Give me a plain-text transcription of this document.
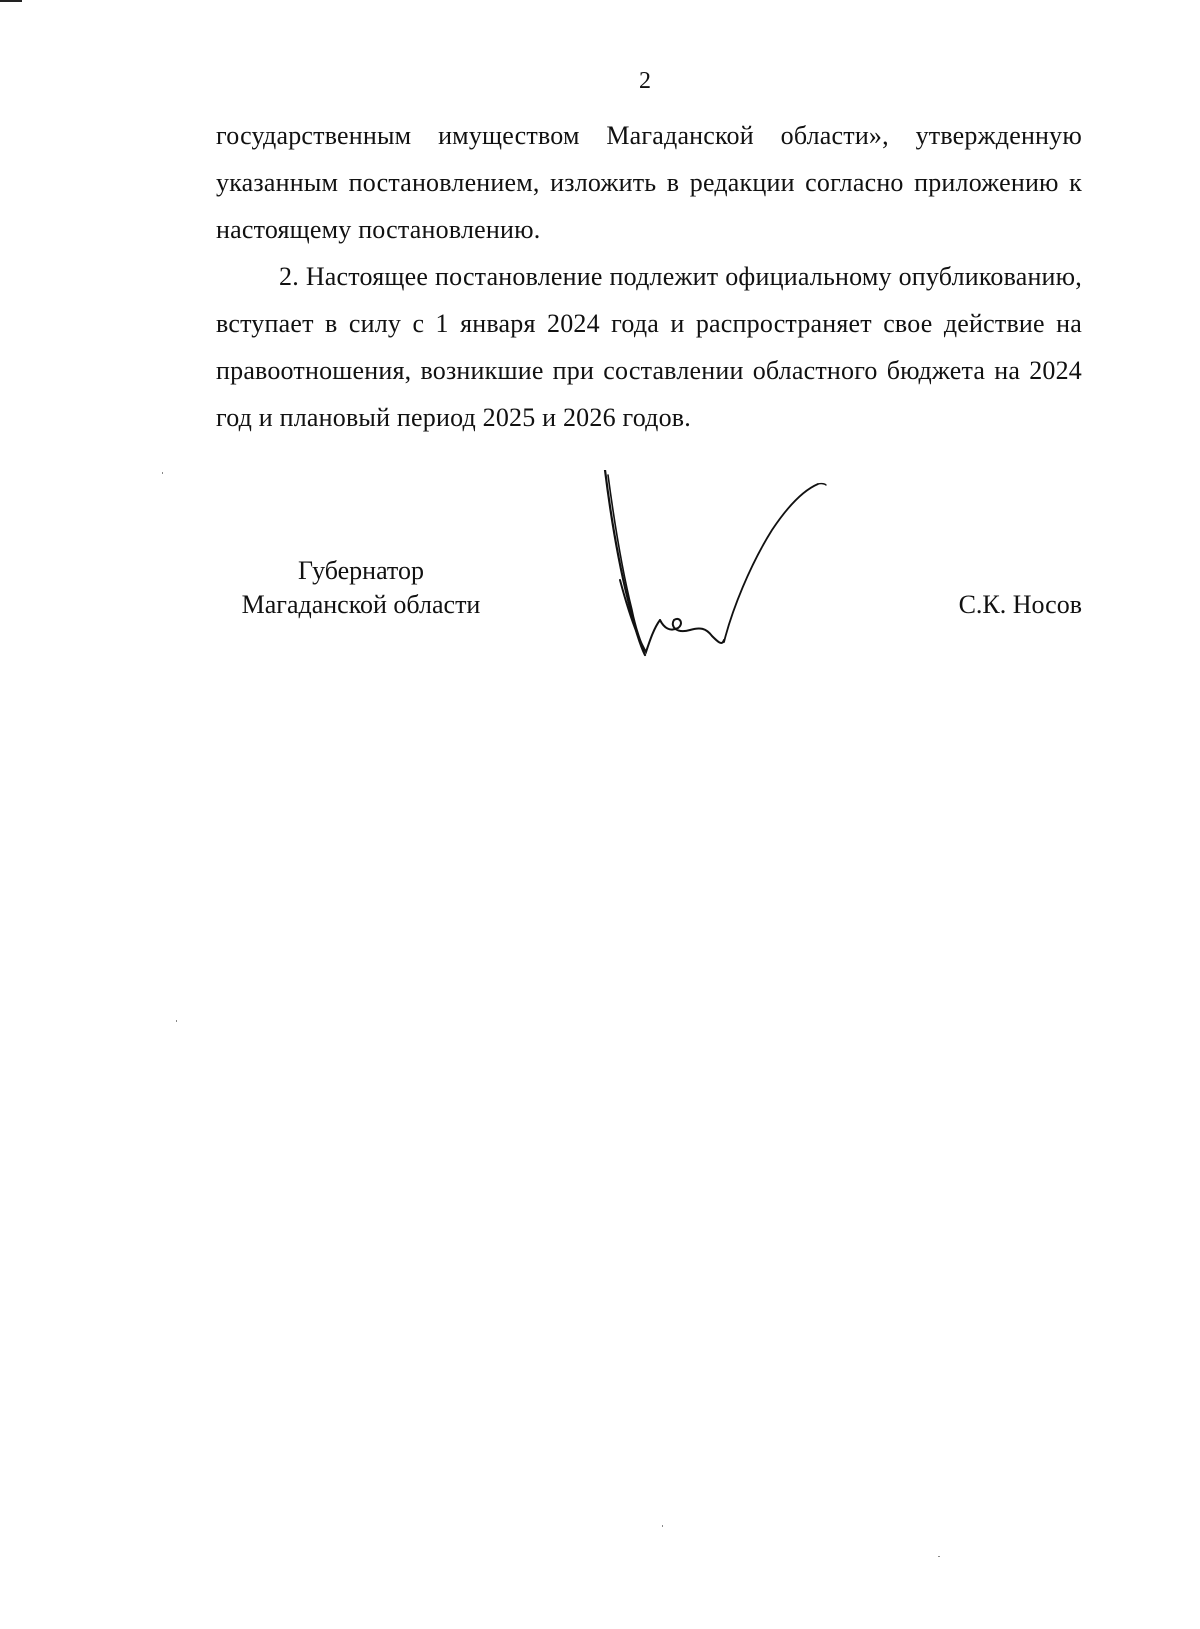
2

государственным имуществом Магаданской области», утвержденную указанным постановлением, изложить в редакции согласно приложению к настоящему постановлению.

2. Настоящее постановление подлежит официальному опубликованию, вступает в силу с 1 января 2024 года и распространяет свое действие на правоотношения, возникшие при составлении областного бюджета на 2024 год и плановый период 2025 и 2026 годов.

Губернатор
Магаданской области	С.К. Носов
